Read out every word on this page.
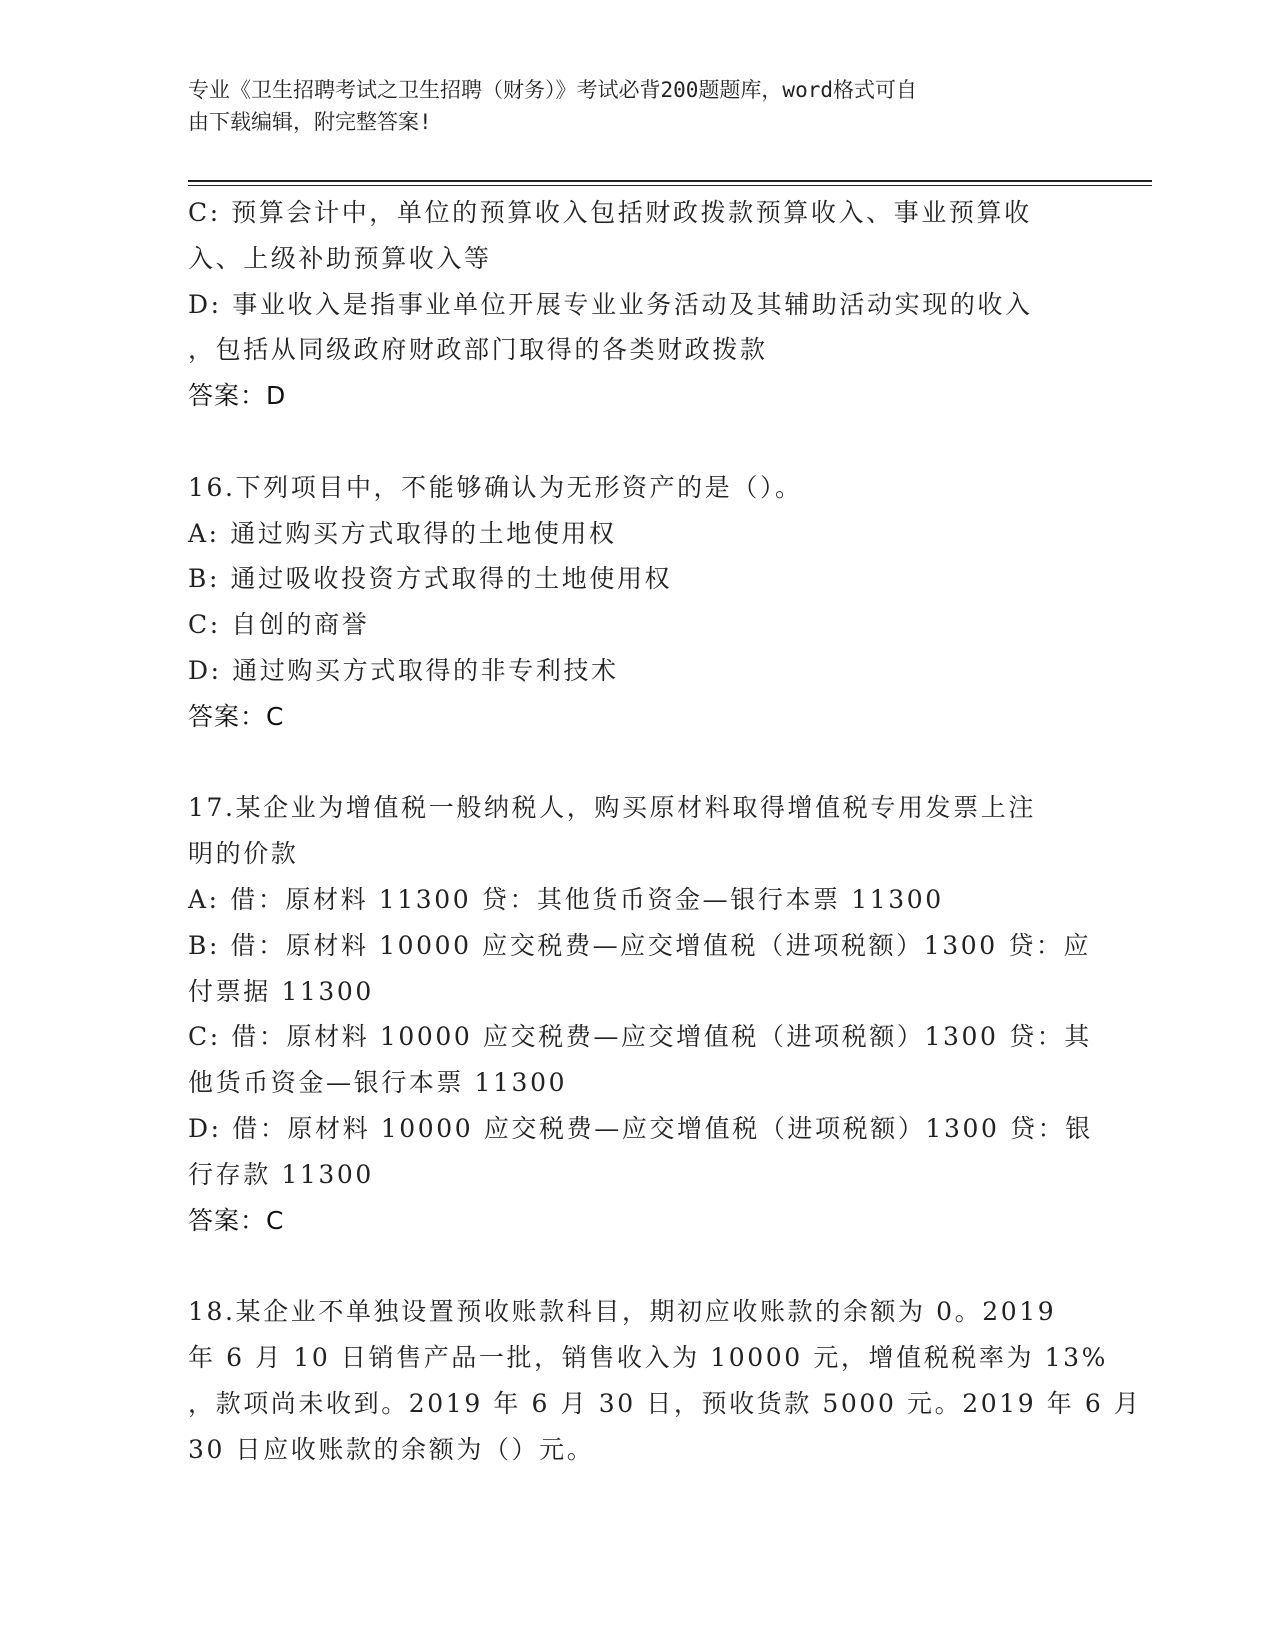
专业《卫生招聘考试之卫生招聘（财务）》考试必背200题题库，word格式可自
由下载编辑，附完整答案!
C: 预算会计中，单位的预算收入包括财政拨款预算收入、事业预算收
入、上级补助预算收入等
D: 事业收入是指事业单位开展专业业务活动及其辅助活动实现的收入
，包括从同级政府财政部门取得的各类财政拨款
答案：D
16.下列项目中，不能够确认为无形资产的是（）。
A: 通过购买方式取得的土地使用权
B: 通过吸收投资方式取得的土地使用权
C: 自创的商誉
D: 通过购买方式取得的非专利技术
答案：C
17.某企业为增值税一般纳税人，购买原材料取得增值税专用发票上注
明的价款
A: 借：原材料 11300 贷：其他货币资金—银行本票 11300
B: 借：原材料 10000 应交税费—应交增值税（进项税额）1300 贷：应
付票据 11300
C: 借：原材料 10000 应交税费—应交增值税（进项税额）1300 贷：其
他货币资金—银行本票 11300
D: 借：原材料 10000 应交税费—应交增值税（进项税额）1300 贷：银
行存款 11300
答案：C
18.某企业不单独设置预收账款科目，期初应收账款的余额为 0。2019
年 6 月 10 日销售产品一批，销售收入为 10000 元，增值税税率为 13%
，款项尚未收到。2019 年 6 月 30 日，预收货款 5000 元。2019 年 6 月
30 日应收账款的余额为（）元。
